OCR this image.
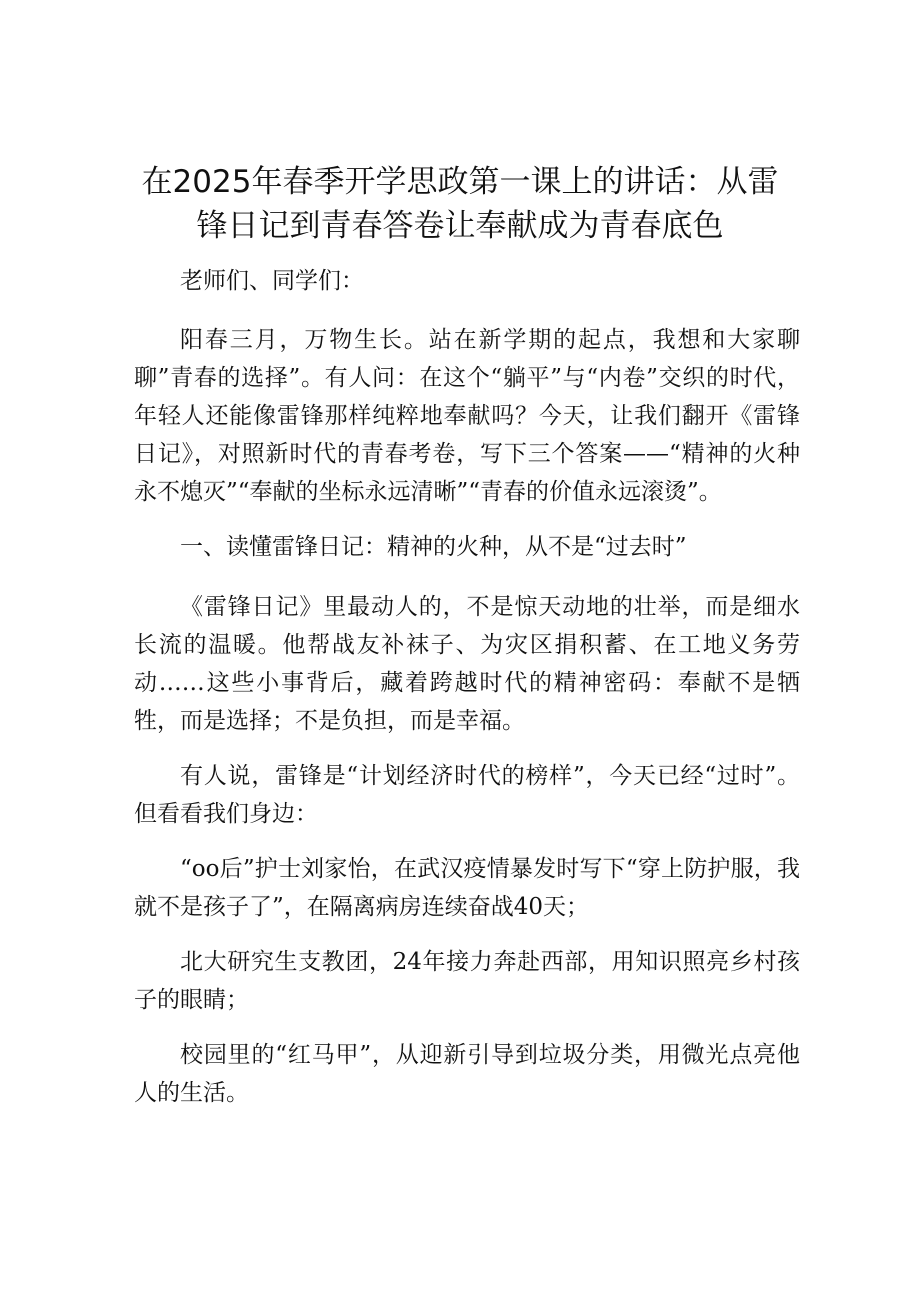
在2025年春季开学思政第一课上的讲话：从雷
锋日记到青春答卷让奉献成为青春底色

老师们、同学们：

阳春三月，万物生长。站在新学期的起点，我想和大家聊聊”青春的选择”。有人问：在这个“躺平”与“内卷”交织的时代，年轻人还能像雷锋那样纯粹地奉献吗？今天，让我们翻开《雷锋日记》，对照新时代的青春考卷，写下三个答案——“精神的火种永不熄灭”“奉献的坐标永远清晰”“青春的价值永远滚烫”。

一、读懂雷锋日记：精神的火种，从不是“过去时”

《雷锋日记》里最动人的，不是惊天动地的壮举，而是细水长流的温暖。他帮战友补袜子、为灾区捐积蓄、在工地义务劳动……这些小事背后，藏着跨越时代的精神密码：奉献不是牺牲，而是选择；不是负担，而是幸福。

有人说，雷锋是“计划经济时代的榜样”，今天已经“过时”。但看看我们身边：

“oo后”护士刘家怡，在武汉疫情暴发时写下“穿上防护服，我就不是孩子了”，在隔离病房连续奋战40天；

北大研究生支教团，24年接力奔赴西部，用知识照亮乡村孩子的眼睛；

校园里的“红马甲”，从迎新引导到垃圾分类，用微光点亮他人的生活。
